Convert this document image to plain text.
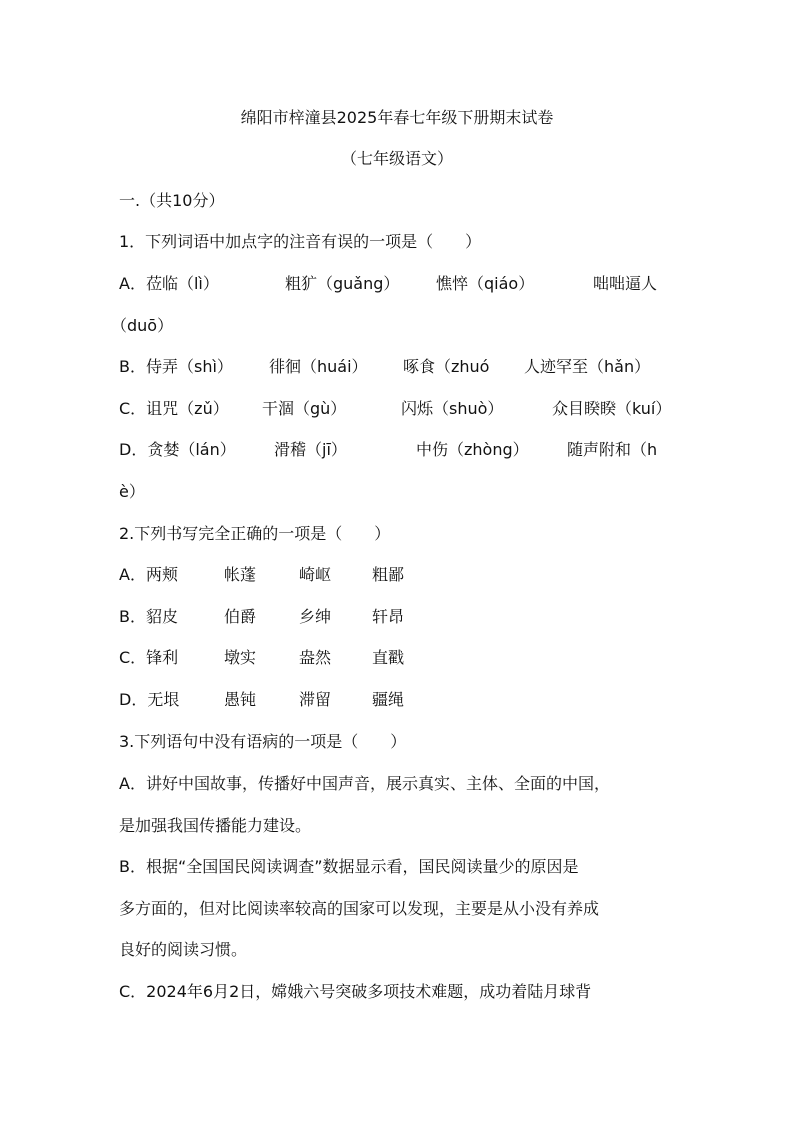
绵阳市梓潼县2025年春七年级下册期末试卷
（七年级语文）
一.（共10分）
1．下列词语中加点字的注音有误的一项是（　　）
A．莅临（lì）	粗犷（guǎng） 憔悴（qiáo）	咄咄逼人
（duō）
B．侍弄（shì） 徘徊（huái） 啄食（zhuó 人迹罕至（hǎn）
C．诅咒（zǔ） 干涸（gù）	闪烁（shuò）	众目睽睽（kuí）
D．贪婪（lán） 滑稽（jī）	中伤（zhòng） 随声附和（h
è）
2.下列书写完全正确的一项是（　　）
A．两颊	帐蓬	崎岖	粗鄙
B．貂皮	伯爵	乡绅	轩昂
C．锋利	墩实	盎然	直戳
D．无垠	愚钝	滞留	疆绳
3.下列语句中没有语病的一项是（　　）
A．讲好中国故事，传播好中国声音，展示真实、主体、全面的中国，
是加强我国传播能力建设。
B．根据“全国国民阅读调查”数据显示看，国民阅读量少的原因是
多方面的，但对比阅读率较高的国家可以发现，主要是从小没有养成
良好的阅读习惯。
C．2024年6月2日，嫦娥六号突破多项技术难题，成功着陆月球背
